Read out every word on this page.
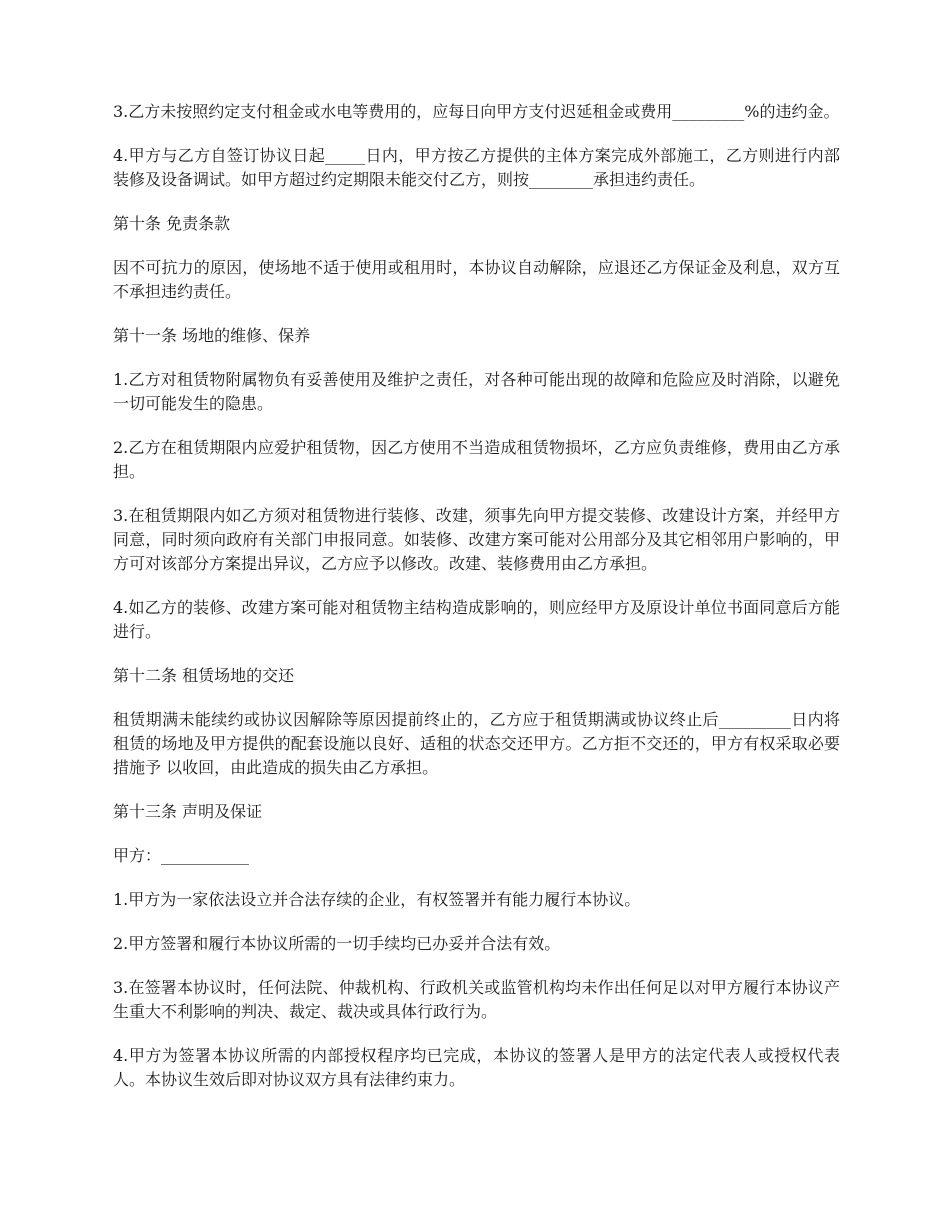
3.乙方未按照约定支付租金或水电等费用的，应每日向甲方支付迟延租金或费用_________%的违约金。

4.甲方与乙方自签订协议日起_____日内，甲方按乙方提供的主体方案完成外部施工，乙方则进行内部装修及设备调试。如甲方超过约定期限未能交付乙方，则按________承担违约责任。

第十条 免责条款

因不可抗力的原因，使场地不适于使用或租用时，本协议自动解除，应退还乙方保证金及利息，双方互不承担违约责任。

第十一条 场地的维修、保养

1.乙方对租赁物附属物负有妥善使用及维护之责任，对各种可能出现的故障和危险应及时消除，以避免一切可能发生的隐患。

2.乙方在租赁期限内应爱护租赁物，因乙方使用不当造成租赁物损坏，乙方应负责维修，费用由乙方承担。

3.在租赁期限内如乙方须对租赁物进行装修、改建，须事先向甲方提交装修、改建设计方案，并经甲方同意，同时须向政府有关部门申报同意。如装修、改建方案可能对公用部分及其它相邻用户影响的，甲方可对该部分方案提出异议，乙方应予以修改。改建、装修费用由乙方承担。

4.如乙方的装修、改建方案可能对租赁物主结构造成影响的，则应经甲方及原设计单位书面同意后方能进行。

第十二条 租赁场地的交还

租赁期满未能续约或协议因解除等原因提前终止的，乙方应于租赁期满或协议终止后_________日内将租赁的场地及甲方提供的配套设施以良好、适租的状态交还甲方。乙方拒不交还的，甲方有权采取必要措施予 以收回，由此造成的损失由乙方承担。

第十三条 声明及保证

甲方：___________

1.甲方为一家依法设立并合法存续的企业，有权签署并有能力履行本协议。

2.甲方签署和履行本协议所需的一切手续均已办妥并合法有效。

3.在签署本协议时，任何法院、仲裁机构、行政机关或监管机构均未作出任何足以对甲方履行本协议产生重大不利影响的判决、裁定、裁决或具体行政行为。

4.甲方为签署本协议所需的内部授权程序均已完成，本协议的签署人是甲方的法定代表人或授权代表人。本协议生效后即对协议双方具有法律约束力。
